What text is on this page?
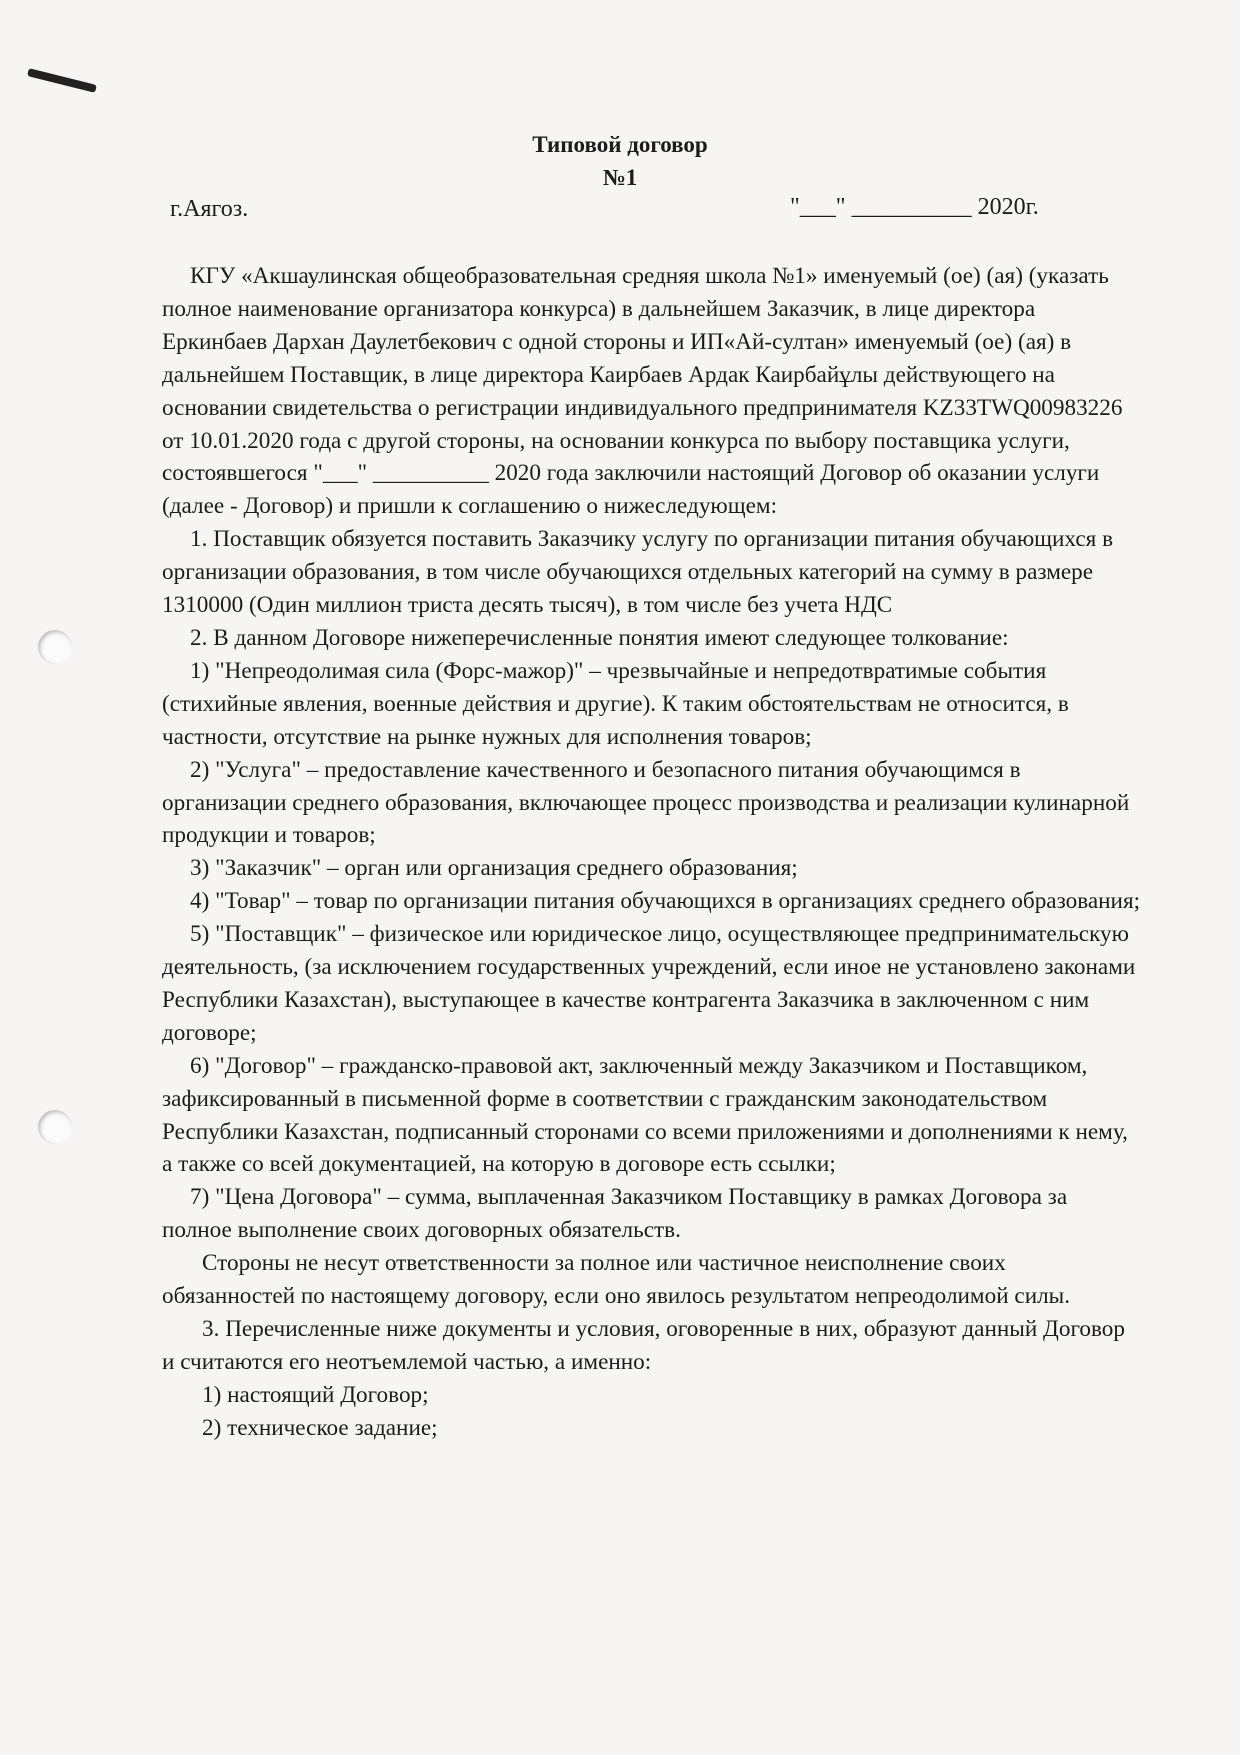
Типовой договор
№1
г.Аягоз.	"___" __________ 2020г.

КГУ «Акшаулинская общеобразовательная средняя школа №1» именуемый (ое) (ая) (указать полное наименование организатора конкурса) в дальнейшем Заказчик, в лице директора Еркинбаев Дархан Даулетбекович с одной стороны и ИП«Ай-султан» именуемый (ое) (ая) в дальнейшем Поставщик, в лице директора Каирбаев Ардак Каирбайұлы действующего на основании свидетельства о регистрации индивидуального предпринимателя KZ33TWQ00983226 от 10.01.2020 года с другой стороны, на основании конкурса по выбору поставщика услуги, состоявшегося "___" __________ 2020 года заключили настоящий Договор об оказании услуги (далее - Договор) и пришли к соглашению о нижеследующем:

1. Поставщик обязуется поставить Заказчику услугу по организации питания обучающихся в организации образования, в том числе обучающихся отдельных категорий на сумму в размере 1310000 (Один миллион триста десять тысяч), в том числе без учета НДС

2. В данном Договоре нижеперечисленные понятия имеют следующее толкование:

1) "Непреодолимая сила (Форс-мажор)" – чрезвычайные и непредотвратимые события (стихийные явления, военные действия и другие). К таким обстоятельствам не относится, в частности, отсутствие на рынке нужных для исполнения товаров;

2) "Услуга" – предоставление качественного и безопасного питания обучающимся в организации среднего образования, включающее процесс производства и реализации кулинарной продукции и товаров;

3) "Заказчик" – орган или организация среднего образования;

4) "Товар" – товар по организации питания обучающихся в организациях среднего образования;

5) "Поставщик" – физическое или юридическое лицо, осуществляющее предпринимательскую деятельность, (за исключением государственных учреждений, если иное не установлено законами Республики Казахстан), выступающее в качестве контрагента Заказчика в заключенном с ним договоре;

6) "Договор" – гражданско-правовой акт, заключенный между Заказчиком и Поставщиком, зафиксированный в письменной форме в соответствии с гражданским законодательством Республики Казахстан, подписанный сторонами со всеми приложениями и дополнениями к нему, а также со всей документацией, на которую в договоре есть ссылки;

7) "Цена Договора" – сумма, выплаченная Заказчиком Поставщику в рамках Договора за полное выполнение своих договорных обязательств.

Стороны не несут ответственности за полное или частичное неисполнение своих обязанностей по настоящему договору, если оно явилось результатом непреодолимой силы.

3. Перечисленные ниже документы и условия, оговоренные в них, образуют данный Договор и считаются его неотъемлемой частью, а именно:

1) настоящий Договор;

2) техническое задание;
